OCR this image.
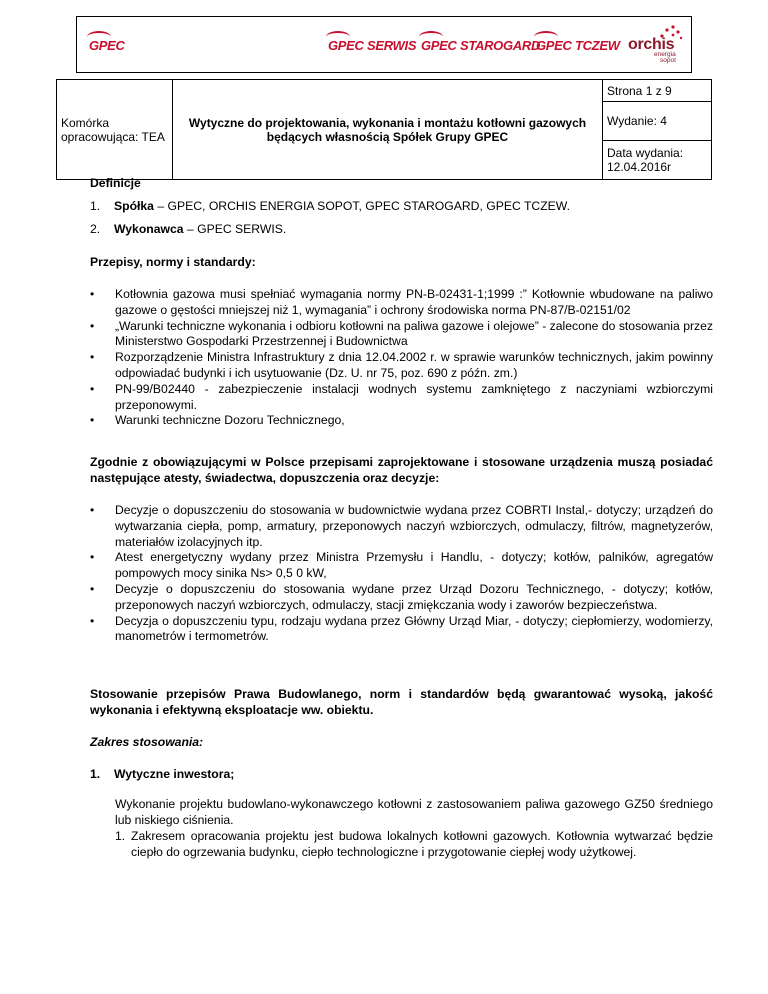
GPEC	GPEC SERWIS GPEC STAROGARD
GPEC TCZEW orchis
energia
sopot
Komórka opracowująca: TEA	Wytyczne do projektowania, wykonania i montażu kotłowni gazowych będących własnością Spółek Grupy GPEC	Strona 1 z 9
Wydanie: 4
Data wydania: 12.04.2016r
Definicje
1. Spółka – GPEC, ORCHIS ENERGIA SOPOT, GPEC STAROGARD, GPEC TCZEW.
2. Wykonawca – GPEC SERWIS.
Przepisy, normy i standardy:
• Kotłownia gazowa musi spełniać wymagania normy PN-B-02431-1;1999 :” Kotłownie wbudowane na paliwo gazowe o gęstości mniejszej niż 1, wymagania” i ochrony środowiska norma PN-87/B-02151/02
• „Warunki techniczne wykonania i odbioru kotłowni na paliwa gazowe i olejowe” - zalecone do stosowania przez Ministerstwo Gospodarki Przestrzennej i Budownictwa
• Rozporządzenie Ministra Infrastruktury z dnia 12.04.2002 r. w sprawie warunków technicznych, jakim powinny odpowiadać budynki i ich usytuowanie (Dz. U. nr 75, poz. 690 z późn. zm.)
• PN-99/B02440 - zabezpieczenie instalacji wodnych systemu zamkniętego z naczyniami wzbiorczymi przeponowymi.
• Warunki techniczne Dozoru Technicznego,
Zgodnie z obowiązującymi w Polsce przepisami zaprojektowane i stosowane urządzenia muszą posiadać następujące atesty, świadectwa, dopuszczenia oraz decyzje:
• Decyzje o dopuszczeniu do stosowania w budownictwie wydana przez COBRTI Instal,- dotyczy; urządzeń do wytwarzania ciepła, pomp, armatury, przeponowych naczyń wzbiorczych, odmulaczy, filtrów, magnetyzerów, materiałów izolacyjnych itp.
• Atest energetyczny wydany przez Ministra Przemysłu i Handlu, - dotyczy; kotłów, palników, agregatów pompowych mocy sinika Ns> 0,5 0 kW,
• Decyzje o dopuszczeniu do stosowania wydane przez Urząd Dozoru Technicznego, - dotyczy; kotłów, przeponowych naczyń wzbiorczych, odmulaczy, stacji zmiękczania wody i zaworów bezpieczeństwa.
• Decyzja o dopuszczeniu typu, rodzaju wydana przez Główny Urząd Miar, - dotyczy; ciepłomierzy, wodomierzy, manometrów i termometrów.
Stosowanie przepisów Prawa Budowlanego, norm i standardów będą gwarantować wysoką, jakość wykonania i efektywną eksploatacje ww. obiektu.
Zakres stosowania:
1. Wytyczne inwestora;
Wykonanie projektu budowlano-wykonawczego kotłowni z zastosowaniem paliwa gazowego GZ50 średniego lub niskiego ciśnienia.
1. Zakresem opracowania projektu jest budowa lokalnych kotłowni gazowych. Kotłownia wytwarzać będzie ciepło do ogrzewania budynku, ciepło technologiczne i przygotowanie ciepłej wody użytkowej.
